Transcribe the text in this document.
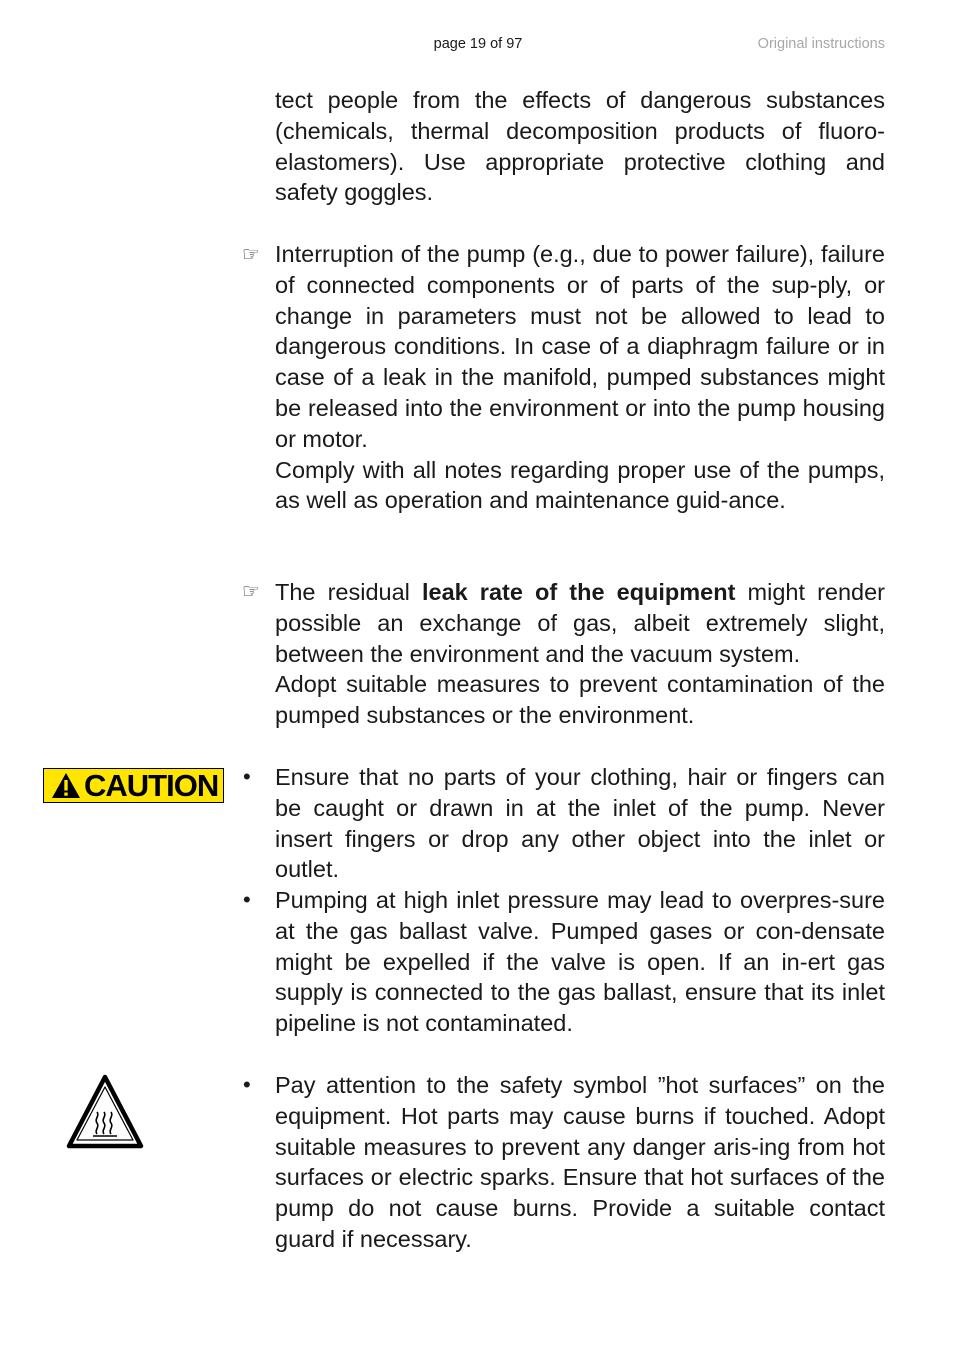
page 19 of 97	Original instructions

tect people from the effects of dangerous substances (chemicals, thermal decomposition products of fluoro-elastomers). Use appropriate protective clothing and safety goggles.

☞ Interruption of the pump (e.g., due to power failure), failure of connected components or of parts of the sup-ply, or change in parameters must not be allowed to lead to dangerous conditions. In case of a diaphragm failure or in case of a leak in the manifold, pumped substances might be released into the environment or into the pump housing or motor.

Comply with all notes regarding proper use of the pumps, as well as operation and maintenance guid-ance.

☞ The residual leak rate of the equipment might render possible an exchange of gas, albeit extremely slight, between the environment and the vacuum system.

Adopt suitable measures to prevent contamination of the pumped substances or the environment.

CAUTION • Ensure that no parts of your clothing, hair or fingers can be caught or drawn in at the inlet of the pump. Never insert fingers or drop any other object into the inlet or outlet.

• Pumping at high inlet pressure may lead to overpres-sure at the gas ballast valve. Pumped gases or con-densate might be expelled if the valve is open. If an in-ert gas supply is connected to the gas ballast, ensure that its inlet pipeline is not contaminated.

• Pay attention to the safety symbol ”hot surfaces” on the equipment. Hot parts may cause burns if touched. Adopt suitable measures to prevent any danger aris-ing from hot surfaces or electric sparks. Ensure that hot surfaces of the pump do not cause burns. Provide a suitable contact guard if necessary.
